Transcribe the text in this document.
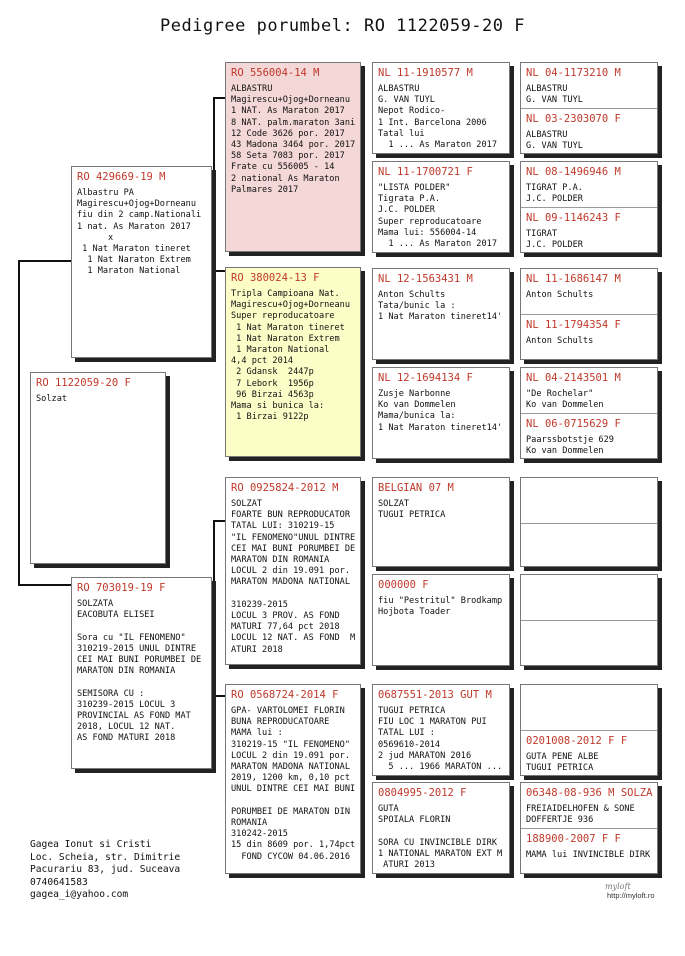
Pedigree porumbel: RO 1122059-20 F
RO 1122059-20 F
Solzat
RO 429669-19 M
Albastru PA
Magirescu+Ojog+Dorneanu
fiu din 2 camp.Nationali
1 nat. As Maraton 2017
x
1 Nat Maraton tineret
1 Nat Naraton Extrem
1 Maraton National
RO 703019-19 F
SOLZATA
EACOBUTA ELISEI

Sora cu "IL FENOMENO"
310219-2015 UNUL DINTRE
CEI MAI BUNI PORUMBEI DE
MARATON DIN ROMANIA

SEMISORA CU :
310239-2015 LOCUL 3
PROVINCIAL AS FOND MAT
2018, LOCUL 12 NAT.
AS FOND MATURI 2018
RO 556004-14 M
ALBASTRU
Magirescu+Ojog+Dorneanu
1 NAT. As Maraton 2017
8 NAT. palm.maraton 3ani
12 Code 3626 por. 2017
43 Madona 3464 por. 2017
58 Seta 7083 por. 2017
Frate cu 556005 - 14
2 national As Maraton
Palmares 2017
RO 380024-13 F
Tripla Campioana Nat.
Magirescu+Ojog+Dorneanu
Super reproducatoare
1 Nat Maraton tineret
1 Nat Naraton Extrem
1 Maraton National
4,4 pct 2014
2 Gdansk  2447p
7 Lebork  1956p
96 Birzai 4563p
Mama si bunica la:
1 Birzai 9122p
RO 0925824-2012 M
SOLZAT
FOARTE BUN REPRODUCATOR
TATAL LUI: 310219-15
"IL FENOMENO"UNUL DINTRE
CEI MAI BUNI PORUMBEI DE
MARATON DIN ROMANIA
LOCUL 2 din 19.091 por.
MARATON MADONA NATIONAL

310239-2015
LOCUL 3 PROV. AS FOND
MATURI 77,64 pct 2018
LOCUL 12 NAT. AS FOND  M
ATURI 2018
RO 0568724-2014 F
GPA- VARTOLOMEI FLORIN
BUNA REPRODUCATOARE
MAMA lui :
310219-15 "IL FENOMENO"
LOCUL 2 din 19.091 por.
MARATON MADONA NATIONAL
2019, 1200 km, 0,10 pct
UNUL DINTRE CEI MAI BUNI

PORUMBEI DE MARATON DIN
ROMANIA
310242-2015
15 din 8609 por. 1,74pct
FOND CYCOW 04.06.2016
NL 11-1910577 M
ALBASTRU
G. VAN TUYL
Nepot Rodico-
1 Int. Barcelona 2006
Tatal lui
1 ... As Maraton 2017
NL 11-1700721 F
"LISTA POLDER"
Tigrata P.A.
J.C. POLDER
Super reproducatoare
Mama lui: 556004-14
1 ... As Maraton 2017
NL 12-1563431 M
Anton Schults
Tata/bunic la :
1 Nat Maraton tineret14'
NL 12-1694134 F
Zusje Narbonne
Ko van Dommelen
Mama/bunica la:
1 Nat Maraton tineret14'
BELGIAN 07 M
SOLZAT
TUGUI PETRICA
000000 F
fiu "Pestritul" Brodkamp
Hojbota Toader
0687551-2013 GUT M
TUGUI PETRICA
FIU LOC 1 MARATON PUI
TATAL LUI :
0569610-2014
2 jud MARATON 2016
5 ... 1966 MARATON ...
0804995-2012 F
GUTA
SPOIALA FLORIN

SORA CU INVINCIBLE DIRK
1 NATIONAL MARATON EXT M
ATURI 2013
NL 04-1173210 M
ALBASTRU
G. VAN TUYL
NL 03-2303070 F
ALBASTRU
G. VAN TUYL
NL 08-1496946 M
TIGRAT P.A.
J.C. POLDER
NL 09-1146243 F
TIGRAT
J.C. POLDER
NL 11-1686147 M
Anton Schults
NL 11-1794354 F
Anton Schults
NL 04-2143501 M
"De Rochelar"
Ko van Dommelen
NL 06-0715629 F
Paarssbotstje 629
Ko van Dommelen
0201008-2012 F F
GUTA PENE ALBE
TUGUI PETRICA
06348-08-936 M SOLZA
FREIAIDELHOFEN & SONE
DOFFERTJE 936
188900-2007 F F
MAMA lui INVINCIBLE DIRK
Gagea Ionut si Cristi
Loc. Scheia, str. Dimitrie
Pacurariu 83, jud. Suceava
0740641583
gagea_i@yahoo.com
myloft
http://myloft.ro
